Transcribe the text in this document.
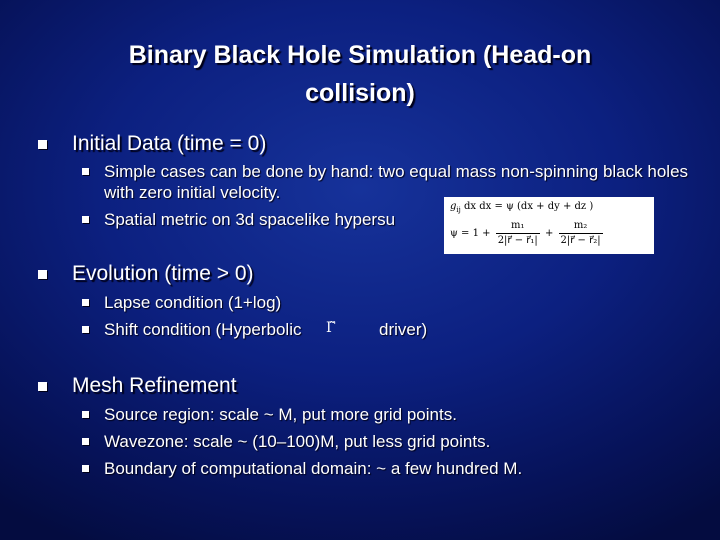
Binary Black Hole Simulation (Head-on
collision)
Initial Data (time = 0)
Simple cases can be done by hand: two equal mass non-spinning black holes with zero initial velocity.
Spatial metric on 3d spacelike hypersu
$g_{ij}$ dx dx = ψ (dx + dy + dz )
$\psi = 1 + \frac{\text{m₁}}{\text{2|r⃗ − r⃗₁|}} + \frac{\text{m₂}}{\text{2|r⃗ − r⃗₂|}}$
Evolution (time > 0)
Lapse condition (1+log)
Shift condition (Hyperbolic Γ̃	driver)
Mesh Refinement
Source region: scale ~ M, put more grid points.
Wavezone: scale ~ (10–100)M, put less grid points.
Boundary of computational domain: ~ a few hundred M.
